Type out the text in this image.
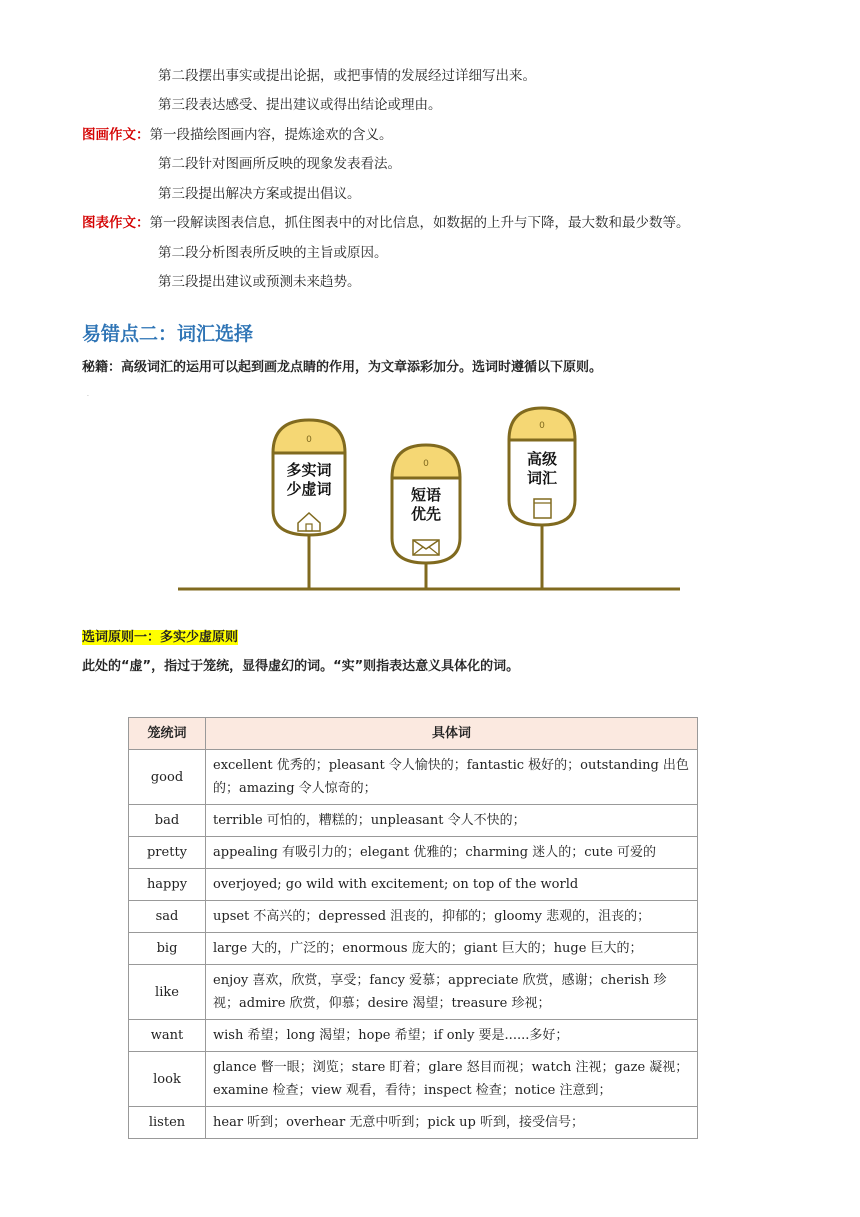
第二段摆出事实或提出论据，或把事情的发展经过详细写出来。
第三段表达感受、提出建议或得出结论或理由。
图画作文：第一段描绘图画内容，提炼途欢的含义。
第二段针对图画所反映的现象发表看法。
第三段提出解决方案或提出倡议。
图表作文：第一段解读图表信息，抓住图表中的对比信息，如数据的上升与下降，最大数和最少数等。
第二段分析图表所反映的主旨或原因。
第三段提出建议或预测未来趋势。
易错点二：词汇选择
秘籍：高级词汇的运用可以起到画龙点睛的作用，为文章添彩加分。选词时遵循以下原则。
·
0
多实词
少虚词
0
短语
优先
0
高级
词汇
选词原则一：多实少虚原则
此处的“虚”，指过于笼统，显得虚幻的词。“实”则指表达意义具体化的词。
笼统词	具体词
good	excellent 优秀的；pleasant 令人愉快的；fantastic 极好的；outstanding 出色的；amazing 令人惊奇的；
bad	terrible 可怕的，糟糕的；unpleasant 令人不快的；
pretty	appealing 有吸引力的；elegant 优雅的；charming 迷人的；cute 可爱的
happy	overjoyed; go wild with excitement; on top of the world
sad	upset 不高兴的；depressed 沮丧的，抑郁的；gloomy 悲观的，沮丧的；
big	large 大的，广泛的；enormous 庞大的；giant 巨大的；huge 巨大的；
like	enjoy 喜欢，欣赏，享受；fancy 爱慕；appreciate 欣赏，感谢；cherish 珍视；admire 欣赏，仰慕；desire 渴望；treasure 珍视；
want	wish 希望；long 渴望；hope 希望；if only 要是......多好；
look	glance 瞥一眼；浏览；stare 盯着；glare 怒目而视；watch 注视；gaze 凝视；examine 检查；view 观看，看待；inspect 检查；notice 注意到；
listen	hear 听到；overhear 无意中听到；pick up 听到，接受信号；
